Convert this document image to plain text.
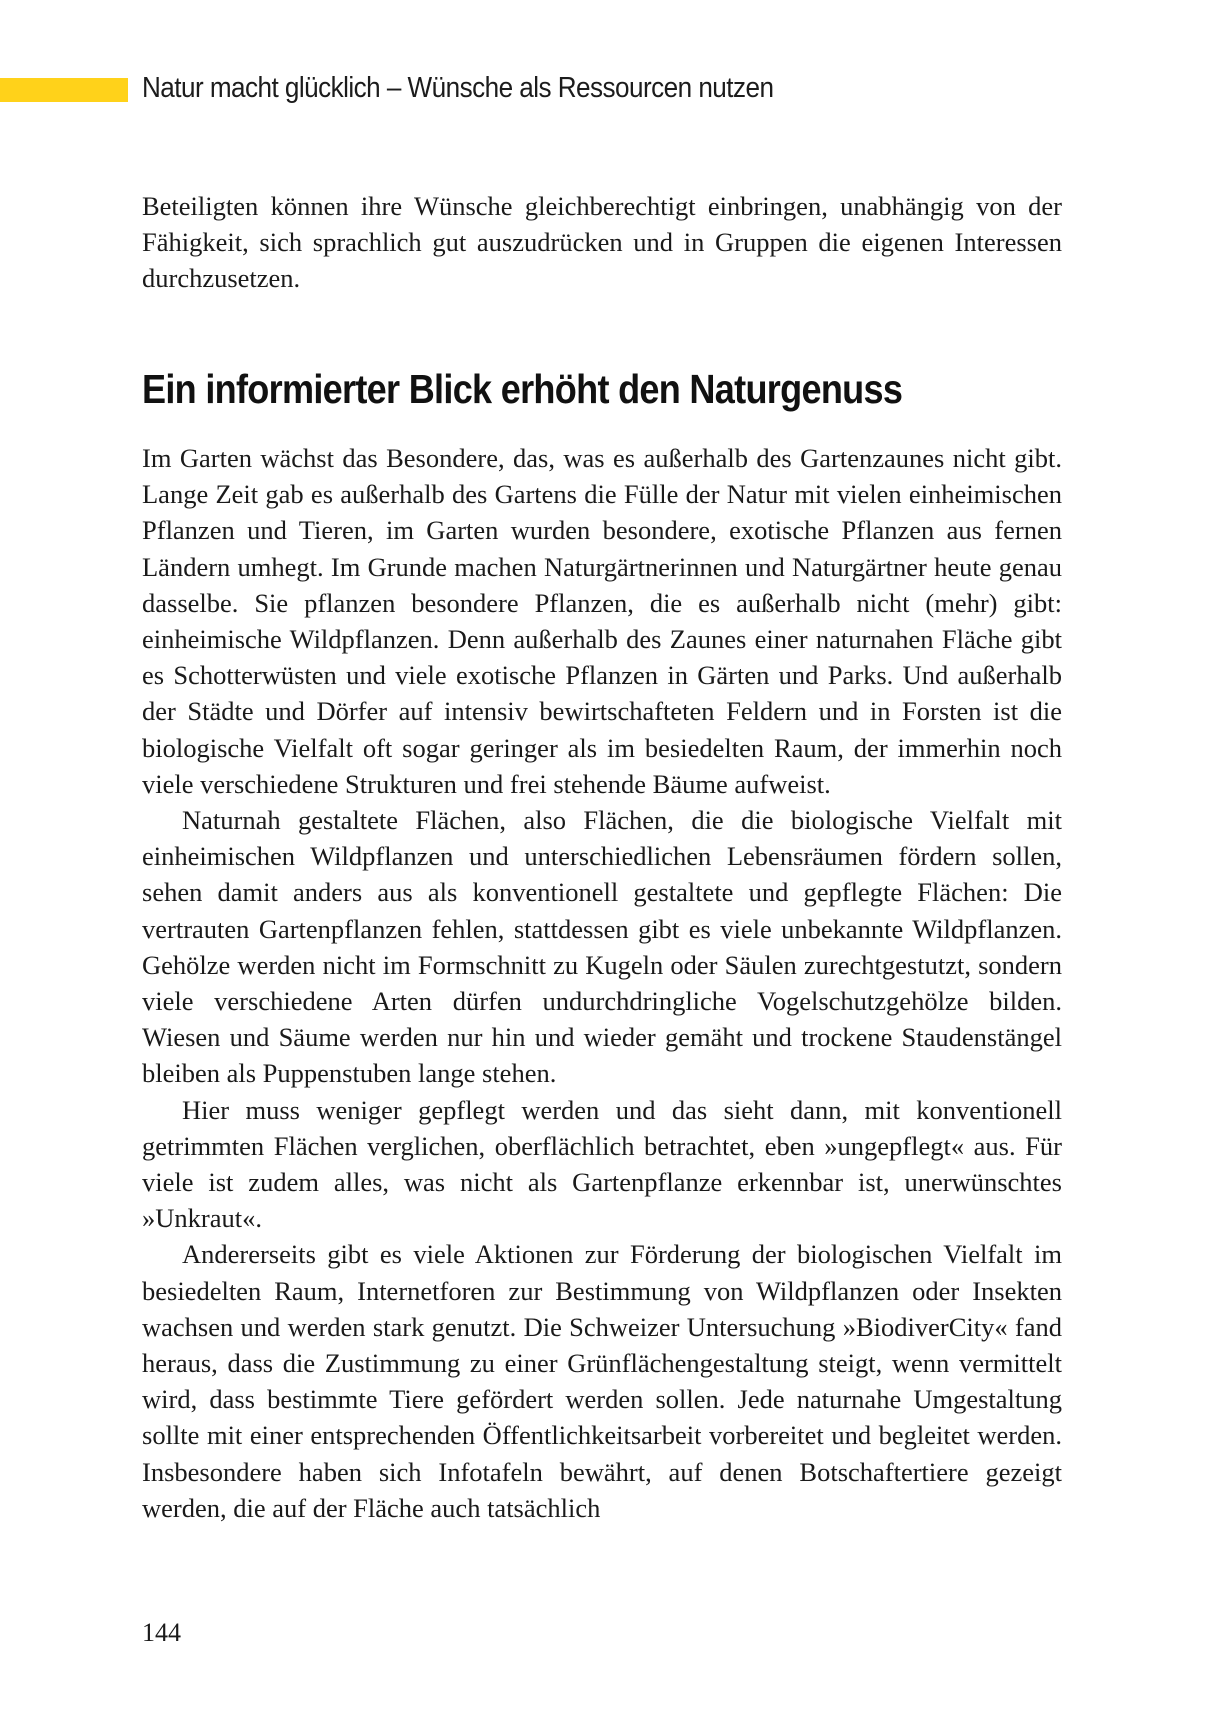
Natur macht glücklich – Wünsche als Ressourcen nutzen

Beteiligten können ihre Wünsche gleichberechtigt einbringen, unabhängig von der Fähigkeit, sich sprachlich gut auszudrücken und in Gruppen die eigenen Interessen durchzusetzen.

Ein informierter Blick erhöht den Naturgenuss

Im Garten wächst das Besondere, das, was es außerhalb des Gartenzaunes nicht gibt. Lange Zeit gab es außerhalb des Gartens die Fülle der Natur mit vielen einheimischen Pflanzen und Tieren, im Garten wurden besondere, exotische Pflanzen aus fernen Ländern umhegt. Im Grunde machen Naturgärtnerinnen und Naturgärtner heute genau dasselbe. Sie pflanzen besondere Pflanzen, die es außerhalb nicht (mehr) gibt: einheimische Wildpflanzen. Denn außerhalb des Zaunes einer naturnahen Fläche gibt es Schotterwüsten und viele exotische Pflanzen in Gärten und Parks. Und außerhalb der Städte und Dörfer auf intensiv bewirtschafteten Feldern und in Forsten ist die biologische Vielfalt oft sogar geringer als im besiedelten Raum, der immerhin noch viele verschiedene Strukturen und frei stehende Bäume aufweist.

Naturnah gestaltete Flächen, also Flächen, die die biologische Vielfalt mit einheimischen Wildpflanzen und unterschiedlichen Lebensräumen fördern sollen, sehen damit anders aus als konventionell gestaltete und gepflegte Flächen: Die vertrauten Gartenpflanzen fehlen, stattdessen gibt es viele unbekannte Wildpflanzen. Gehölze werden nicht im Formschnitt zu Kugeln oder Säulen zurechtgestutzt, sondern viele verschiedene Arten dürfen undurchdringliche Vogelschutzgehölze bilden. Wiesen und Säume werden nur hin und wieder gemäht und trockene Staudenstängel bleiben als Puppenstuben lange stehen.

Hier muss weniger gepflegt werden und das sieht dann, mit konventionell getrimmten Flächen verglichen, oberflächlich betrachtet, eben »ungepflegt« aus. Für viele ist zudem alles, was nicht als Gartenpflanze erkennbar ist, unerwünschtes »Unkraut«.

Andererseits gibt es viele Aktionen zur Förderung der biologischen Vielfalt im besiedelten Raum, Internetforen zur Bestimmung von Wildpflanzen oder Insekten wachsen und werden stark genutzt. Die Schweizer Untersuchung »BiodiverCity« fand heraus, dass die Zustimmung zu einer Grünflächengestaltung steigt, wenn vermittelt wird, dass bestimmte Tiere gefördert werden sollen. Jede naturnahe Umgestaltung sollte mit einer entsprechenden Öffentlichkeitsarbeit vorbereitet und begleitet werden. Insbesondere haben sich Infotafeln bewährt, auf denen Botschaftertiere gezeigt werden, die auf der Fläche auch tatsächlich

144
